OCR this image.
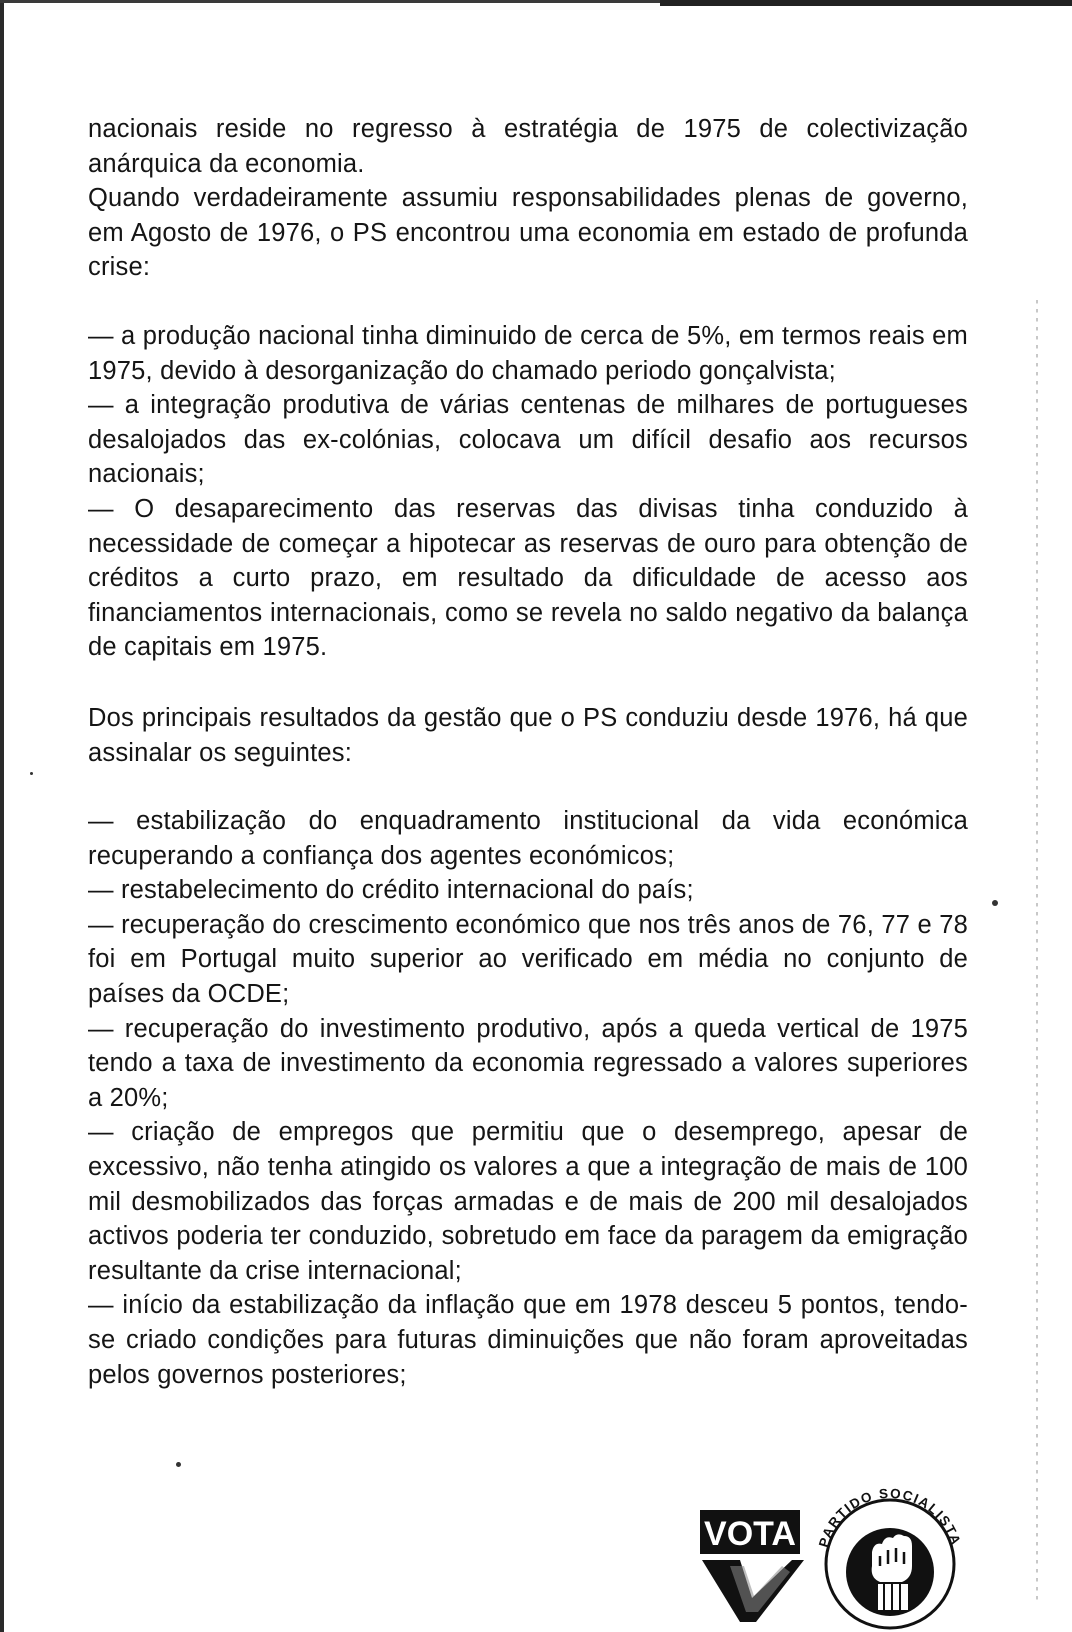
nacionais reside no regresso à estratégia de 1975 de colectivização anárquica da economia.

Quando verdadeiramente assumiu responsabilidades plenas de governo, em Agosto de 1976, o PS encontrou uma economia em estado de profunda crise:

— a produção nacional tinha diminuido de cerca de 5%, em termos reais em 1975, devido à desorganização do chamado periodo gonçalvista;

— a integração produtiva de várias centenas de milhares de portugueses desalojados das ex-colónias, colocava um difícil desafio aos recursos nacionais;

— O desaparecimento das reservas das divisas tinha conduzido à necessidade de começar a hipotecar as reservas de ouro para obtenção de créditos a curto prazo, em resultado da dificuldade de acesso aos financiamentos internacionais, como se revela no saldo negativo da balança de capitais em 1975.

Dos principais resultados da gestão que o PS conduziu desde 1976, há que assinalar os seguintes:

— estabilização do enquadramento institucional da vida económica recuperando a confiança dos agentes económicos;

— restabelecimento do crédito internacional do país;

— recuperação do crescimento económico que nos três anos de 76, 77 e 78 foi em Portugal muito superior ao verificado em média no conjunto de países da OCDE;

— recuperação do investimento produtivo, após a queda vertical de 1975 tendo a taxa de investimento da economia regressado a valores superiores a 20%;

— criação de empregos que permitiu que o desemprego, apesar de excessivo, não tenha atingido os valores a que a integração de mais de 100 mil desmobilizados das forças armadas e de mais de 200 mil desalojados activos poderia ter conduzido, sobretudo em face da paragem da emigração resultante da crise internacional;

— início da estabilização da inflação que em 1978 desceu 5 pontos, tendo-se criado condições para futuras diminuições que não foram aproveitadas pelos governos posteriores;

VOTA PARTIDO SOCIALISTA
